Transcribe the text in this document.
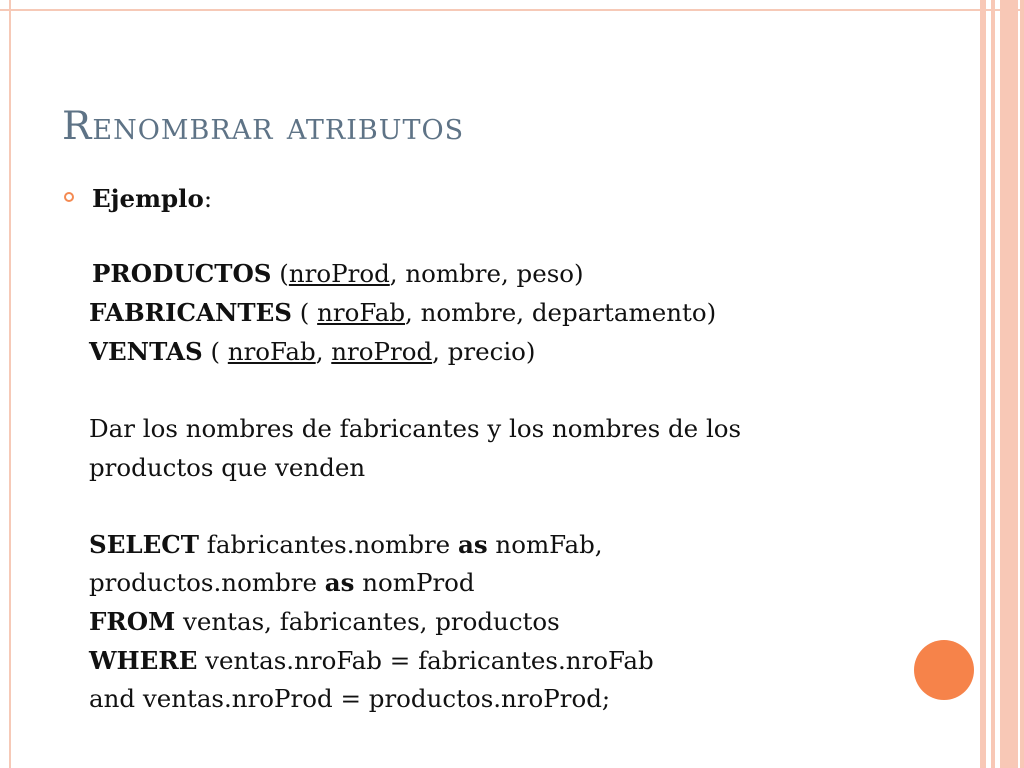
Renombrar atributos
Ejemplo:
PRODUCTOS (nroProd, nombre, peso)
FABRICANTES ( nroFab, nombre, departamento)
VENTAS ( nroFab, nroProd, precio)
Dar los nombres de fabricantes y los nombres de los
productos que venden
SELECT fabricantes.nombre as nomFab,
productos.nombre as nomProd
FROM ventas, fabricantes, productos
WHERE ventas.nroFab = fabricantes.nroFab
and ventas.nroProd = productos.nroProd;
